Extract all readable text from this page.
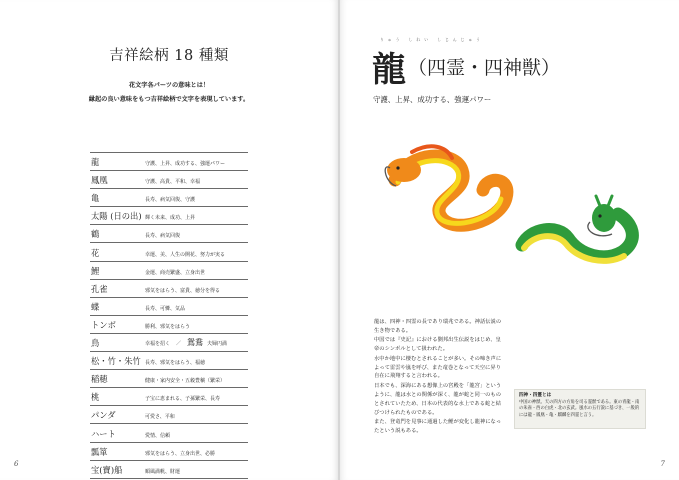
吉祥絵柄 18 種類
花文字各パーツの意味とは！
縁起の良い意味をもつ吉祥絵柄で文字を表現しています。
龍	守護、上昇、成功する、強運パワー
鳳凰	守護、高貴、平和、幸福
亀	長寿、病気回復、守護
太陽 (日の出) 輝く未来、成功、上昇
鶴	長寿、病気回復
花	幸運、美、人生の開花、努力が実る
鯉	金運、商売繁盛、立身出世
孔雀	邪気をはらう、富貴、徳分を得る
蝶	長寿、可憐、気品
トンボ	勝利、邪気をはらう
鳥	幸福を招く ／ 鴛鴦 夫婦円満
松・竹・朱竹 長寿、邪気をはらう、福徳
稲穂	健康・家内安全・五穀豊穣（繁栄）
桃	子宝に恵まれる、子孫繁栄、長寿
パンダ	可愛さ、平和
ハート	愛情、信頼
瓢箪	邪気をはらう、立身出世、必勝
宝(寶)船	順風満帆、財運
6	7
りゅう しれい しじんじゅう
龍 （四霊・四神獣）
守護、上昇、成功する、強運パワー

龍は、四神・四霊の長であり瑞兆である。神話伝説の生き物である。

中国では『史記』における劉邦出生伝説をはじめ、皇帝のシンボルとして扱われた。

水中か地中に棲むとされることが多い。その啼き声によって雷雲や嵐を呼び、また竜巻となって天空に昇り自在に飛翔すると言われる。

日本でも、深海にある想像上の宮殿を「龍宮」というように、龍は水との関係が深く、龍が蛇と同一のものとされていたため、日本の代表的な水上である蛇と結びつけられたものである。

また、登竜門を見事に通過した鯉が変化し龍神になったという説もある。

四神・四霊とは
中国の神獣。天の四方の方角を司る霊獣である。東の青龍・南の朱雀・西の白虎・北の玄武。風水の五行説に基づき、一般的には龍・鳳凰・亀・麒麟を四霊と言う。
